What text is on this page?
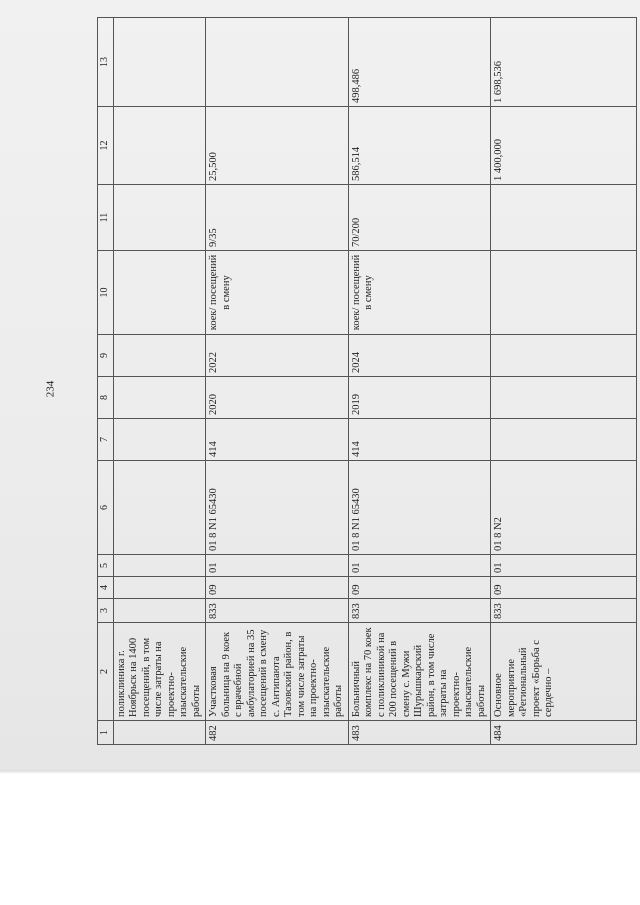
234
1	2	3	4	5	6	7	8	9	10	11	12	13
	поликлиника г. Ноябрьск на 1400 посещений, в том числе затраты на проектно-изыскательские работы											
482	Участковая больница на 9 коек с врачебной амбулаторией на 35 посещений в смену с. Антипаюта Тазовский район, в том числе затраты на проектно-изыскательские работы	833	09	01	01 8 N1 65430	414	2020	2022	коек/ посещений в смену	9/35	25,500	
483	Больничный комплекс на 70 коек с поликлиникой на 200 посещений в смену с. Мужи Шурышкарский район, в том числе затраты на проектно-изыскательские работы	833	09	01	01 8 N1 65430	414	2019	2024	коек/ посещений в смену	70/200	586,514	498,486
484	Основное мероприятие «Региональный проект «Борьба с сердечно –	833	09	01	01 8 N2						1 400,000	1 698,536
